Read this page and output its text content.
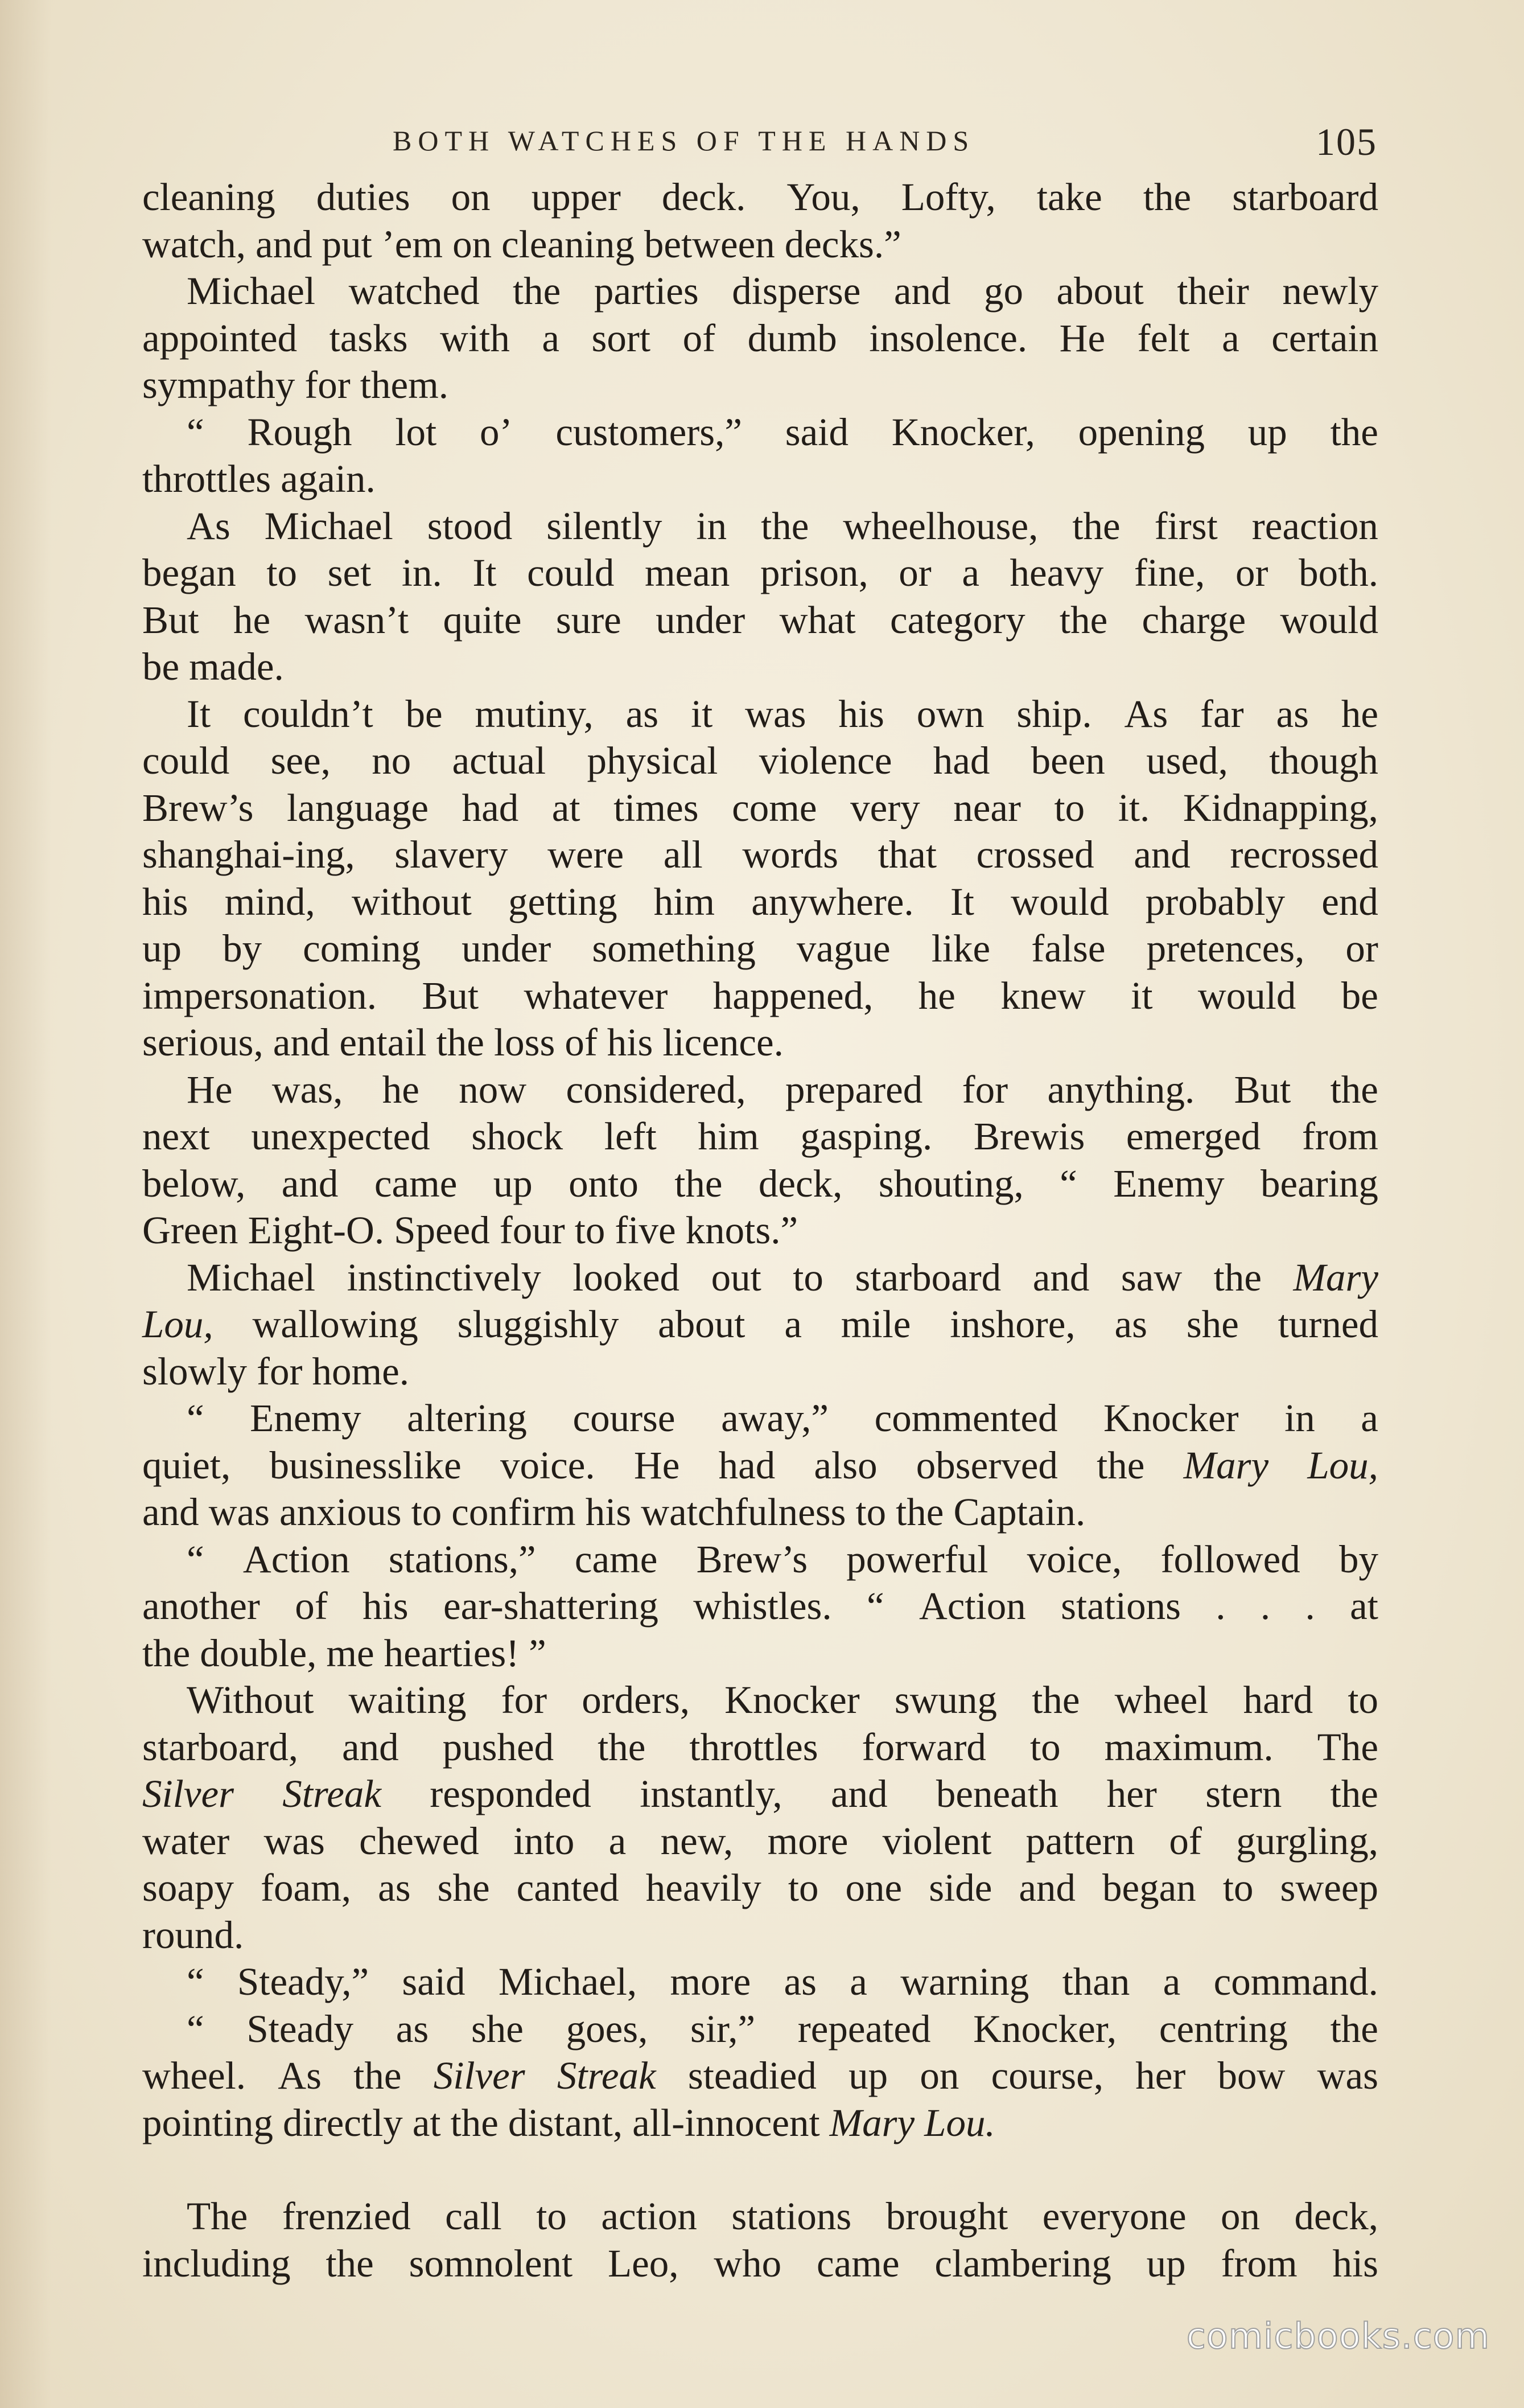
BOTH WATCHES OF THE HANDS	105
cleaning duties on upper deck. You, Lofty, take the starboard
watch, and put ’em on cleaning between decks.”
Michael watched the parties disperse and go about their newly
appointed tasks with a sort of dumb insolence. He felt a certain
sympathy for them.
“ Rough lot o’ customers,” said Knocker, opening up the
throttles again.
As Michael stood silently in the wheelhouse, the first reaction
began to set in. It could mean prison, or a heavy fine, or both.
But he wasn’t quite sure under what category the charge would
be made.
It couldn’t be mutiny, as it was his own ship. As far as he
could see, no actual physical violence had been used, though
Brew’s language had at times come very near to it. Kidnapping,
shanghai-ing, slavery were all words that crossed and recrossed
his mind, without getting him anywhere. It would probably end
up by coming under something vague like false pretences, or
impersonation. But whatever happened, he knew it would be
serious, and entail the loss of his licence.
He was, he now considered, prepared for anything. But the
next unexpected shock left him gasping. Brewis emerged from
below, and came up onto the deck, shouting, “ Enemy bearing
Green Eight-O. Speed four to five knots.”
Michael instinctively looked out to starboard and saw the Mary
Lou, wallowing sluggishly about a mile inshore, as she turned
slowly for home.
“ Enemy altering course away,” commented Knocker in a
quiet, businesslike voice. He had also observed the Mary Lou,
and was anxious to confirm his watchfulness to the Captain.
“ Action stations,” came Brew’s powerful voice, followed by
another of his ear-shattering whistles. “ Action stations . . . at
the double, me hearties! ”
Without waiting for orders, Knocker swung the wheel hard to
starboard, and pushed the throttles forward to maximum. The
Silver Streak responded instantly, and beneath her stern the
water was chewed into a new, more violent pattern of gurgling,
soapy foam, as she canted heavily to one side and began to sweep
round.
“ Steady,” said Michael, more as a warning than a command.
“ Steady as she goes, sir,” repeated Knocker, centring the
wheel. As the Silver Streak steadied up on course, her bow was
pointing directly at the distant, all-innocent Mary Lou.
The frenzied call to action stations brought everyone on deck,
including the somnolent Leo, who came clambering up from his
comicbooks.com
